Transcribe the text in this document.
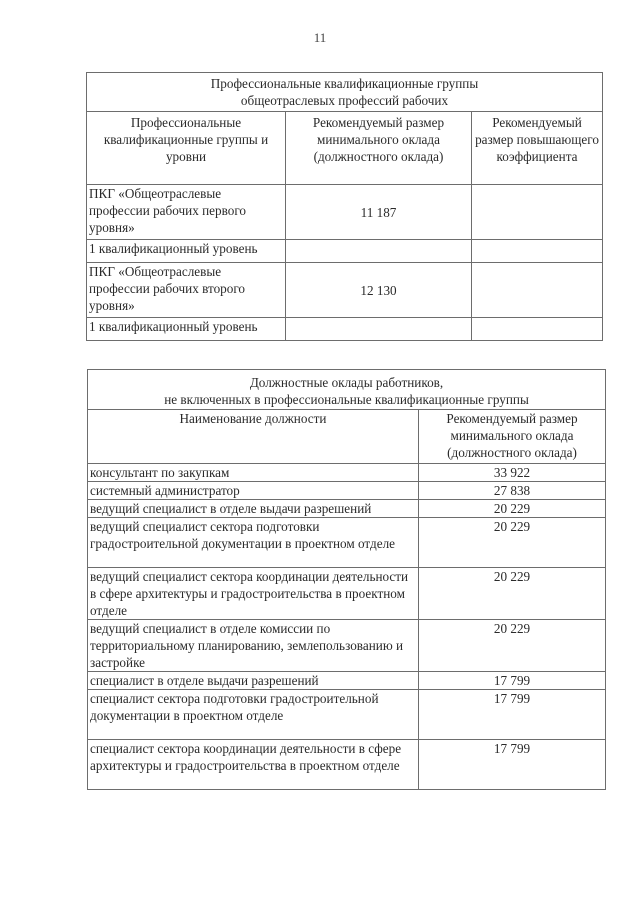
11
Профессиональные квалификационные группы
общеотраслевых профессий рабочих		
Профессиональные квалификационные группы и уровни	Рекомендуемый размер минимального оклада (должностного оклада)	Рекомендуемый размер повышающего коэффициента
ПКГ «Общеотраслевые профессии рабочих первого уровня»	11 187	
1 квалификационный уровень		
ПКГ «Общеотраслевые профессии рабочих второго уровня»	12 130	
1 квалификационный уровень		
Должностные оклады работников,
не включенных в профессиональные квалификационные группы	
Наименование должности	Рекомендуемый размер минимального оклада (должностного оклада)
консультант по закупкам	33 922
системный администратор	27 838
ведущий специалист в отделе выдачи разрешений	20 229
ведущий специалист сектора подготовки градостроительной документации в проектном отделе	20 229
ведущий специалист сектора координации деятельности в сфере архитектуры и градостроительства в проектном отделе	20 229
ведущий специалист в отделе комиссии по территориальному планированию, землепользованию и застройке	20 229
специалист в отделе выдачи разрешений	17 799
специалист сектора подготовки градостроительной документации в проектном отделе	17 799
специалист сектора координации деятельности в сфере архитектуры и градостроительства в проектном отделе	17 799
